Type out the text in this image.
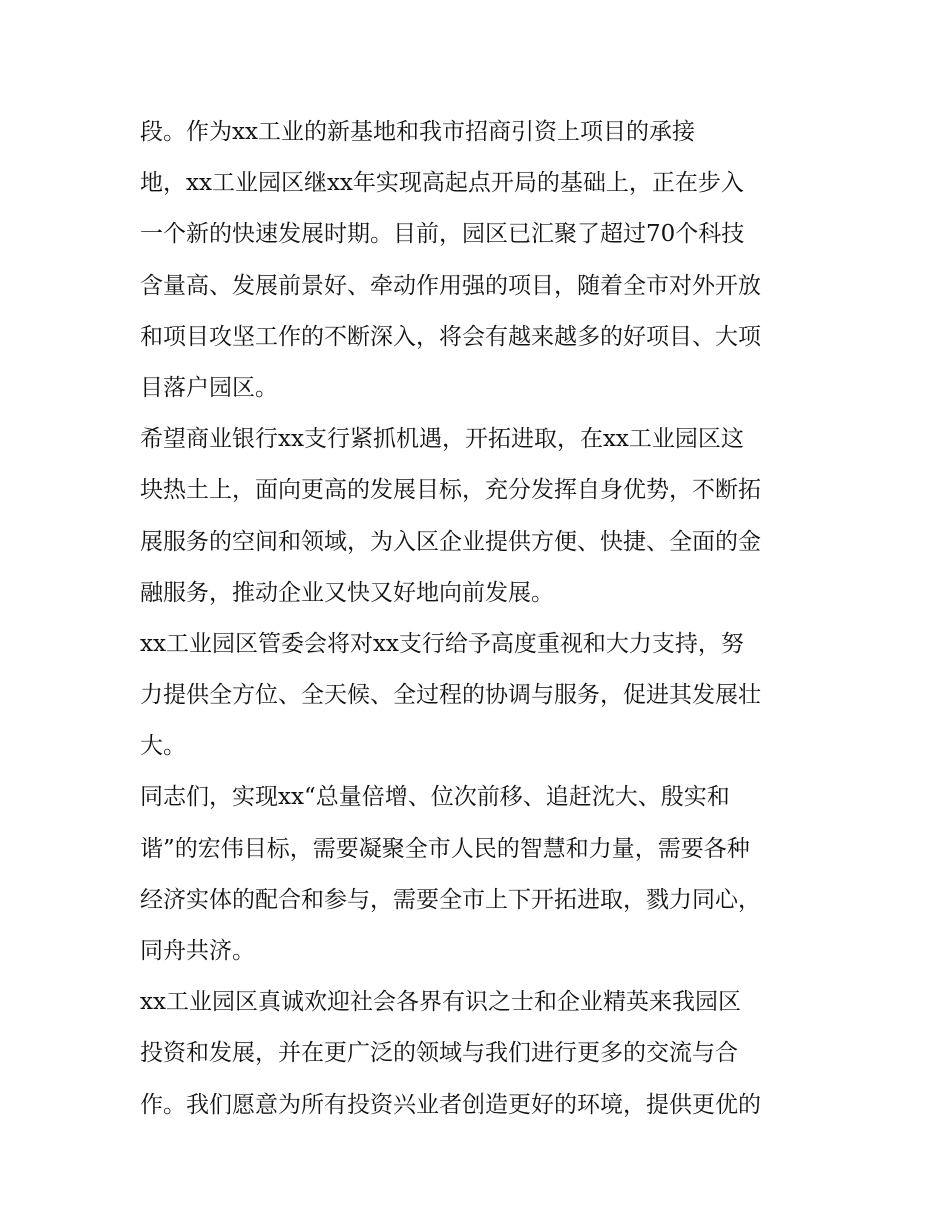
段。作为xx工业的新基地和我市招商引资上项目的承接
地，xx工业园区继xx年实现高起点开局的基础上，正在步入
一个新的快速发展时期。目前，园区已汇聚了超过70个科技
含量高、发展前景好、牵动作用强的项目，随着全市对外开放
和项目攻坚工作的不断深入，将会有越来越多的好项目、大项
目落户园区。
希望商业银行xx支行紧抓机遇，开拓进取，在xx工业园区这
块热土上，面向更高的发展目标，充分发挥自身优势，不断拓
展服务的空间和领域，为入区企业提供方便、快捷、全面的金
融服务，推动企业又快又好地向前发展。
xx工业园区管委会将对xx支行给予高度重视和大力支持，努
力提供全方位、全天候、全过程的协调与服务，促进其发展壮
大。
同志们，实现xx“总量倍增、位次前移、追赶沈大、殷实和
谐”的宏伟目标，需要凝聚全市人民的智慧和力量，需要各种
经济实体的配合和参与，需要全市上下开拓进取，戮力同心，
同舟共济。
xx工业园区真诚欢迎社会各界有识之士和企业精英来我园区
投资和发展，并在更广泛的领域与我们进行更多的交流与合
作。我们愿意为所有投资兴业者创造更好的环境，提供更优的
